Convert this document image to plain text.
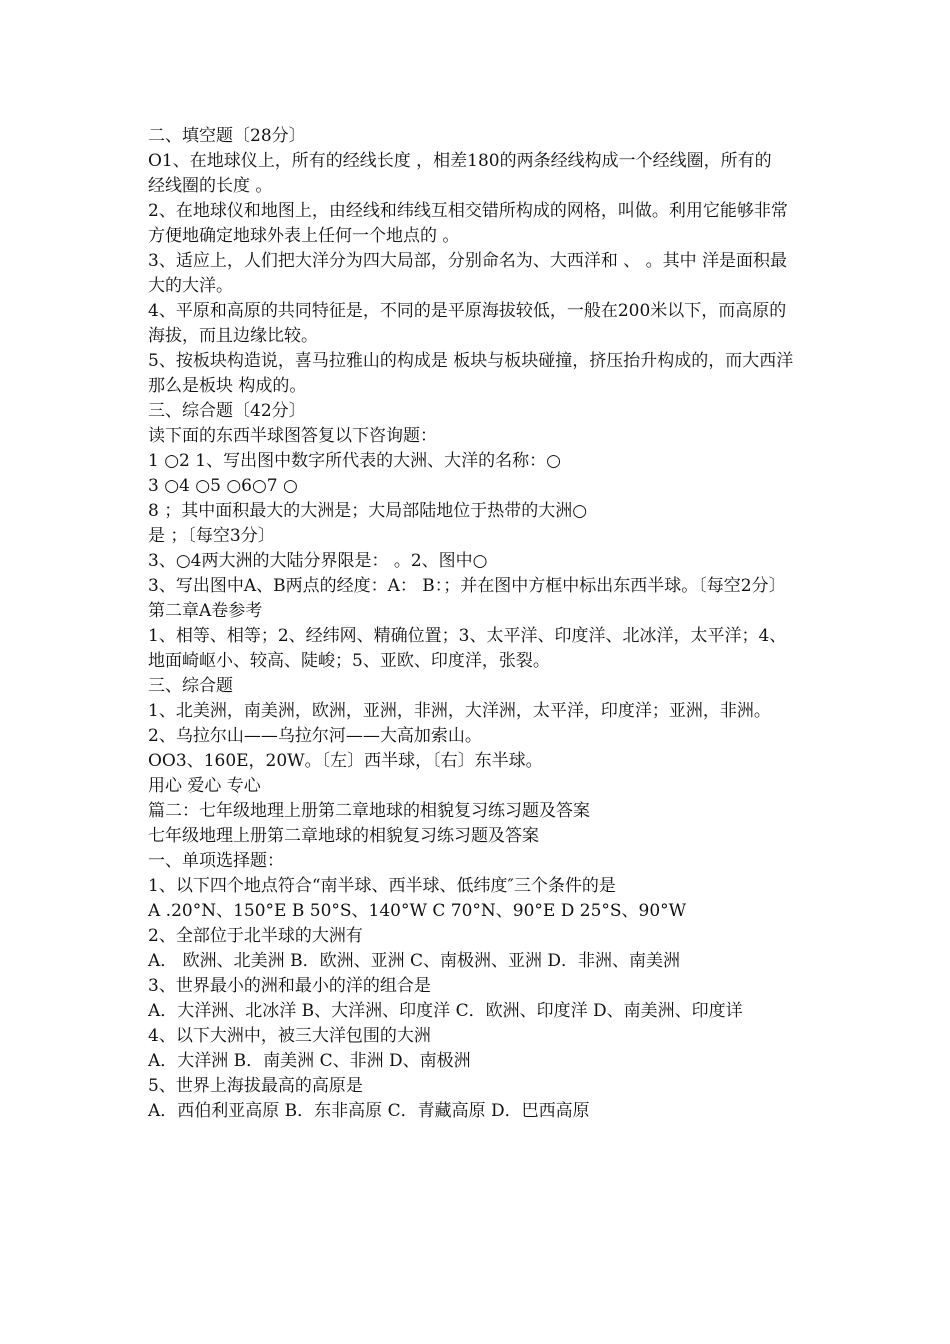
二、填空题〔28分〕

O1、在地球仪上，所有的经线长度 ，相差180的两条经线构成一个经线圈，所有的

经线圈的长度 。

2、在地球仪和地图上，由经线和纬线互相交错所构成的网格，叫做。利用它能够非常方便地确定地球外表上任何一个地点的 。

3、适应上，人们把大洋分为四大局部，分别命名为、大西洋和 、 。其中 洋是面积最大的大洋。

4、平原和高原的共同特征是，不同的是平原海拔较低，一般在200米以下，而高原的海拔，而且边缘比较。

5、按板块构造说，喜马拉雅山的构成是 板块与板块碰撞，挤压抬升构成的，而大西洋那么是板块 构成的。

三、综合题〔42分〕

读下面的东西半球图答复以下咨询题：

1 ○2 1、写出图中数字所代表的大洲、大洋的名称：○

3 ○4 ○5 ○6○7 ○

8 ；其中面积最大的大洲是；大局部陆地位于热带的大洲○

是 ；〔每空3分〕

3、○4两大洲的大陆分界限是： 。2、图中○

3、写出图中A、B两点的经度：A： B：；并在图中方框中标出东西半球。〔每空2分〕

第二章A卷参考

1、相等、相等；2、经纬网、精确位置；3、太平洋、印度洋、北冰洋，太平洋；4、地面崎岖小、较高、陡峻；5、亚欧、印度洋，张裂。

三、综合题

1、北美洲，南美洲，欧洲，亚洲，非洲，大洋洲，太平洋，印度洋；亚洲，非洲。

2、乌拉尔山——乌拉尔河——大高加索山。

OO3、160E，20W。〔左〕西半球，〔右〕东半球。

用心 爱心 专心

篇二：七年级地理上册第二章地球的相貌复习练习题及答案

七年级地理上册第二章地球的相貌复习练习题及答案

一、单项选择题：

1、以下四个地点符合“南半球、西半球、低纬度″三个条件的是

A .20°N、150°E B 50°S、140°W C 70°N、90°E D 25°S、90°W

2、全部位于北半球的大洲有

A． 欧洲、北美洲 B．欧洲、亚洲 C、南极洲、亚洲 D．非洲、南美洲

3、世界最小的洲和最小的洋的组合是

A．大洋洲、北冰洋 B、大洋洲、印度洋 C．欧洲、印度洋 D、南美洲、印度详

4、以下大洲中，被三大洋包围的大洲

A．大洋洲 B．南美洲 C、非洲 D、南极洲

5、世界上海拔最高的高原是

A．西伯利亚高原 B．东非高原 C．青藏高原 D．巴西高原
